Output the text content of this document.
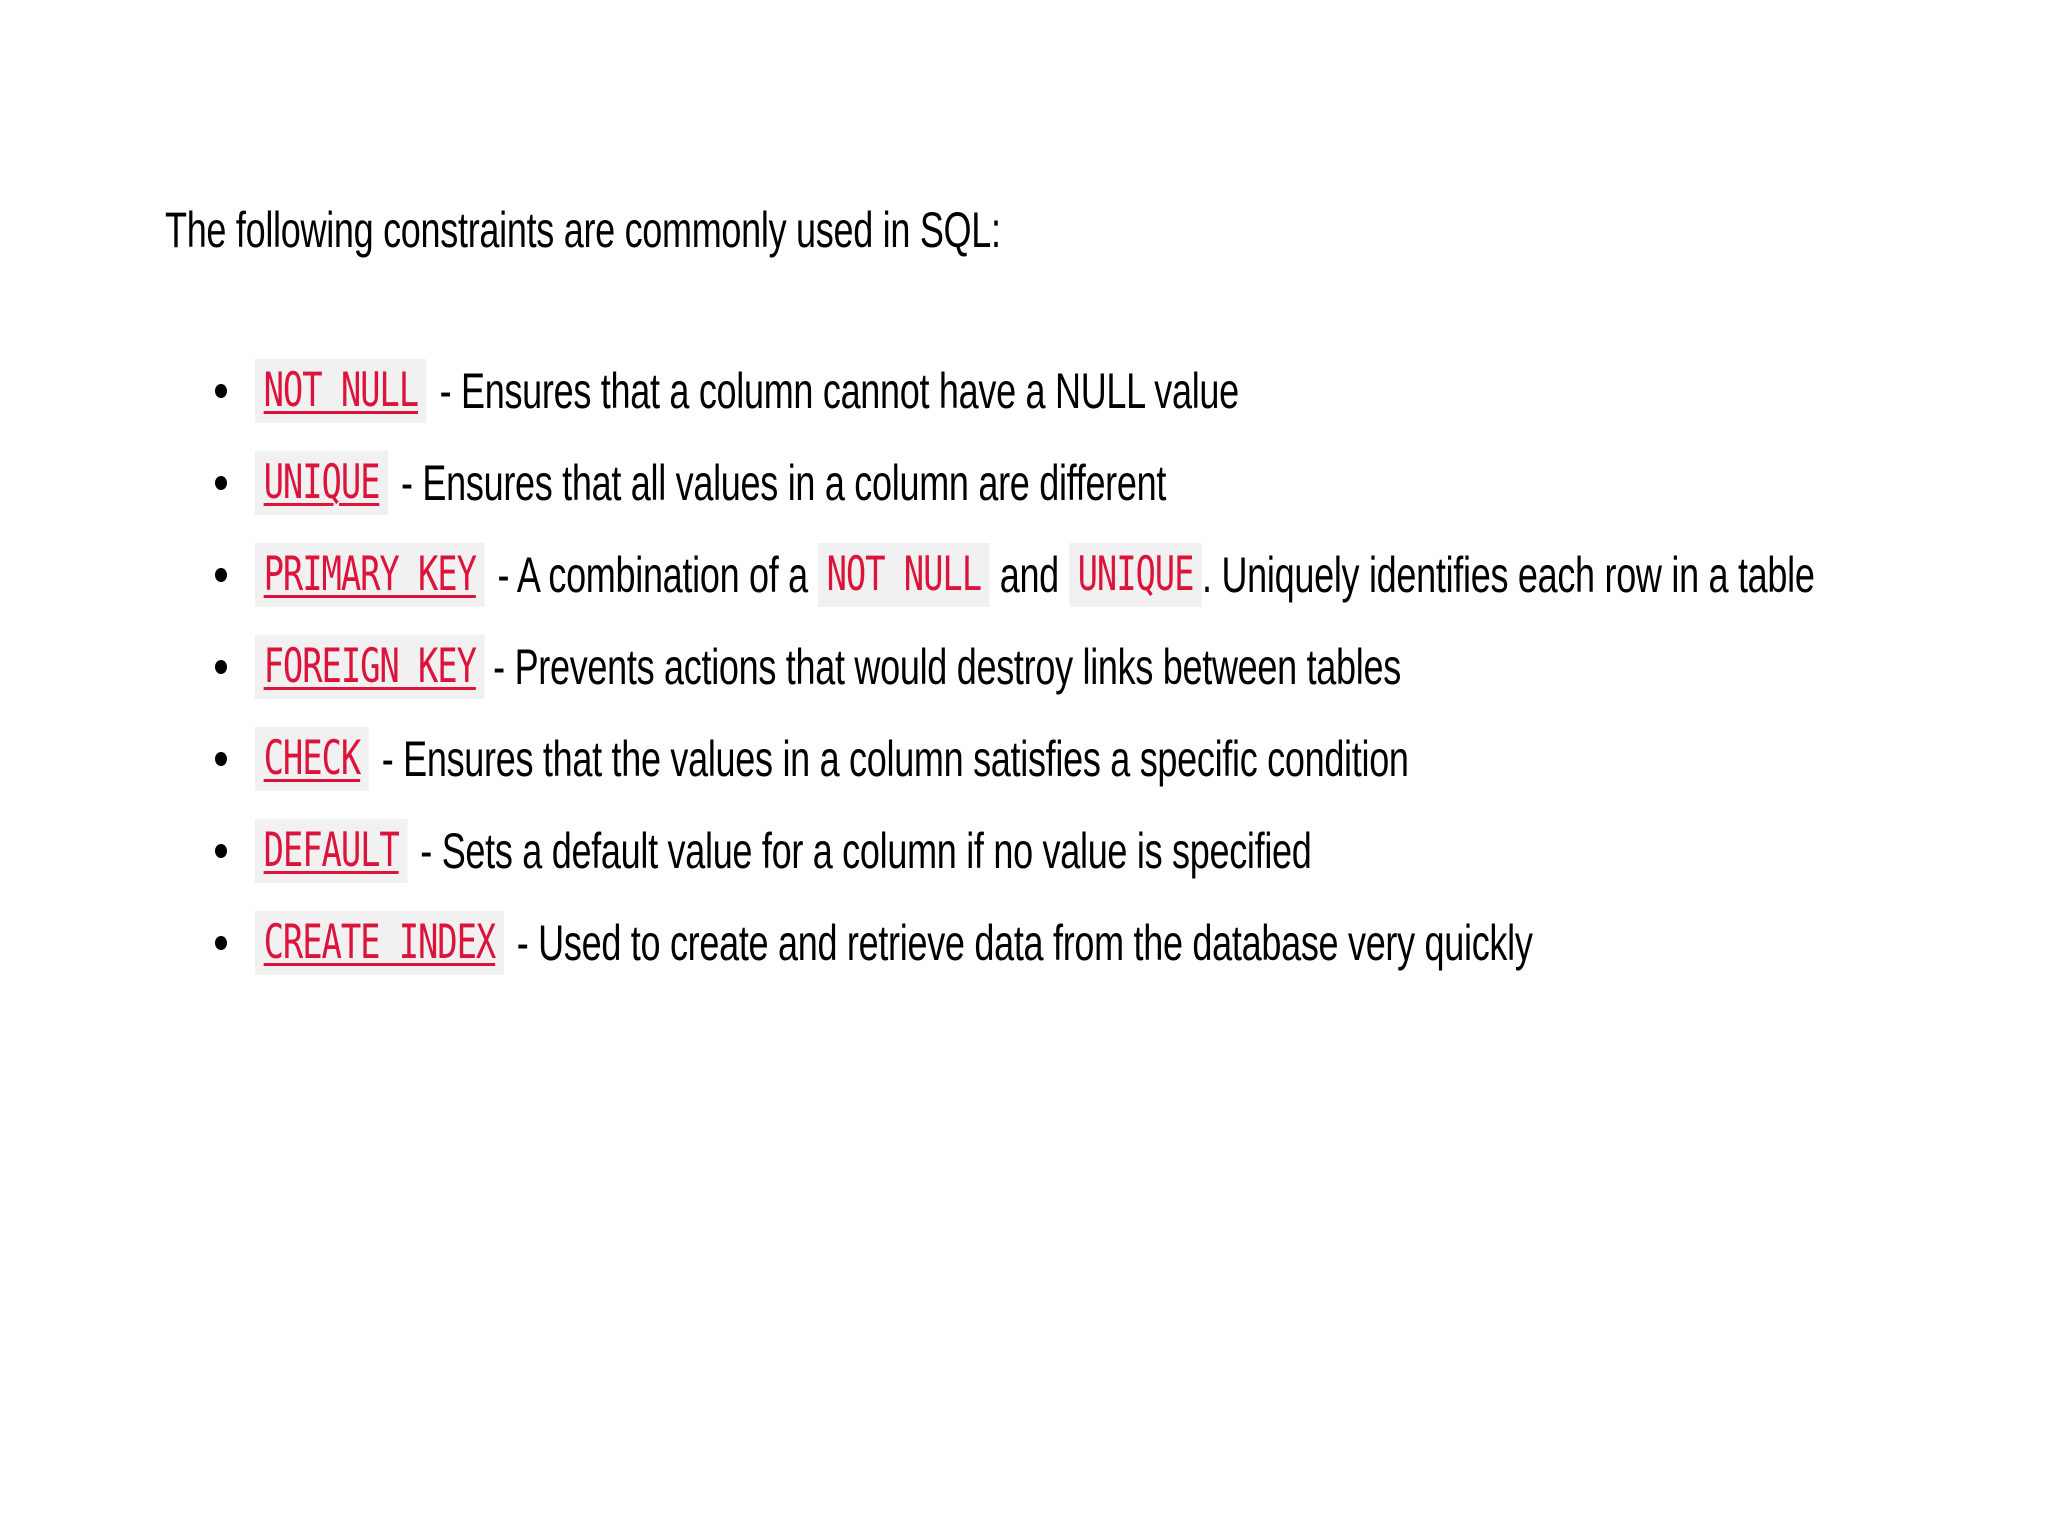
The following constraints are commonly used in SQL:

NOT NULL - Ensures that a column cannot have a NULL value
UNIQUE - Ensures that all values in a column are different
PRIMARY KEY - A combination of a NOT NULL and UNIQUE . Uniquely identifies each row in a table
FOREIGN KEY - Prevents actions that would destroy links between tables
CHECK - Ensures that the values in a column satisfies a specific condition
DEFAULT - Sets a default value for a column if no value is specified
CREATE INDEX - Used to create and retrieve data from the database very quickly
